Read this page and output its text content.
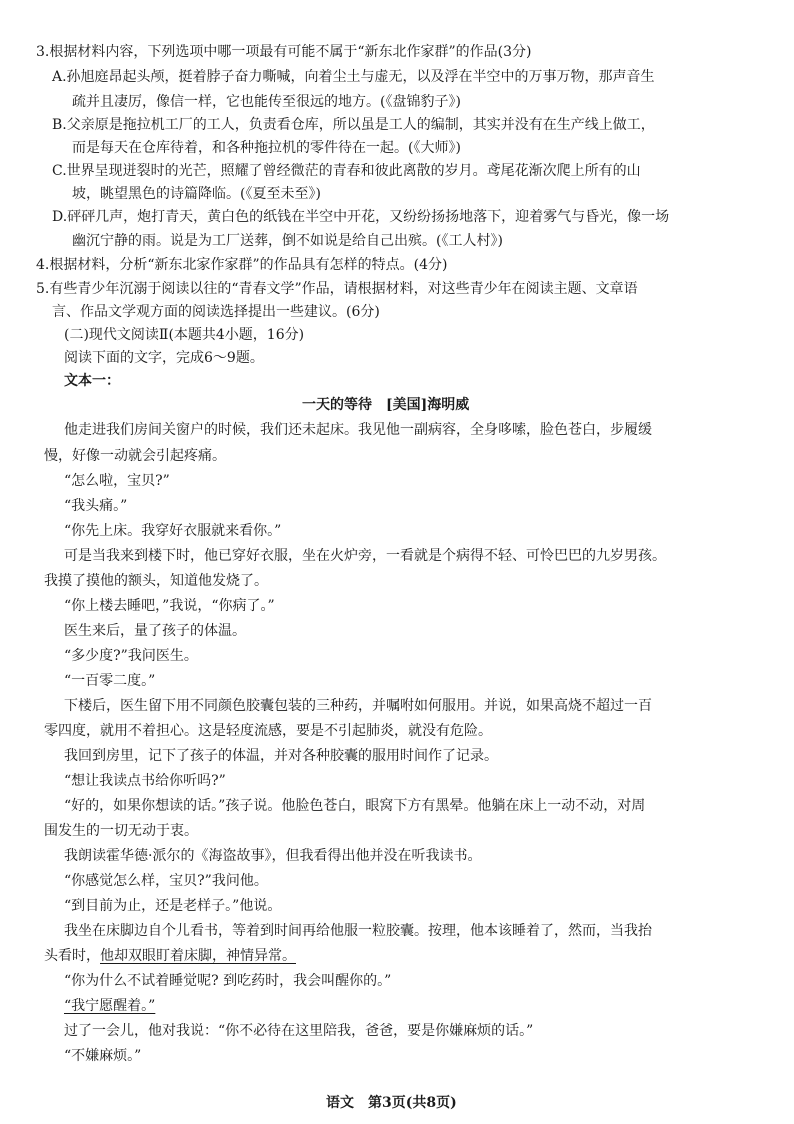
3.根据材料内容，下列选项中哪一项最有可能不属于“新东北作家群”的作品(3分)
A.孙旭庭昂起头颅，挺着脖子奋力嘶喊，向着尘土与虚无，以及浮在半空中的万事万物，那声音生
疏并且凄厉，像信一样，它也能传至很远的地方。(《盘锦豹子》)
B.父亲原是拖拉机工厂的工人，负责看仓库，所以虽是工人的编制，其实并没有在生产线上做工，
而是每天在仓库待着，和各种拖拉机的零件待在一起。(《大师》)
C.世界呈现迸裂时的光芒，照耀了曾经微茫的青春和彼此离散的岁月。鸢尾花渐次爬上所有的山
坡，眺望黑色的诗篇降临。(《夏至未至》)
D.砰砰几声，炮打青天，黄白色的纸钱在半空中开花，又纷纷扬扬地落下，迎着雾气与昏光，像一场
幽沉宁静的雨。说是为工厂送葬，倒不如说是给自己出殡。(《工人村》)
4.根据材料，分析“新东北家作家群”的作品具有怎样的特点。(4分)
5.有些青少年沉溺于阅读以往的“青春文学”作品，请根据材料，对这些青少年在阅读主题、文章语
言、作品文学观方面的阅读选择提出一些建议。(6分)
(二)现代文阅读Ⅱ(本题共4小题，16分)
阅读下面的文字，完成6～9题。
文本一：
一天的等待　[美国]海明威
他走进我们房间关窗户的时候，我们还未起床。我见他一副病容，全身哆嗦，脸色苍白，步履缓
慢，好像一动就会引起疼痛。
“怎么啦，宝贝?”
“我头痛。”
“你先上床。我穿好衣服就来看你。”
可是当我来到楼下时，他已穿好衣服，坐在火炉旁，一看就是个病得不轻、可怜巴巴的九岁男孩。
我摸了摸他的额头，知道他发烧了。
“你上楼去睡吧，”我说，“你病了。”
医生来后，量了孩子的体温。
“多少度?”我问医生。
“一百零二度。”
下楼后，医生留下用不同颜色胶囊包装的三种药，并嘱咐如何服用。并说，如果高烧不超过一百
零四度，就用不着担心。这是轻度流感，要是不引起肺炎，就没有危险。
我回到房里，记下了孩子的体温，并对各种胶囊的服用时间作了记录。
“想让我读点书给你听吗?”
“好的，如果你想读的话。”孩子说。他脸色苍白，眼窝下方有黑晕。他躺在床上一动不动，对周
围发生的一切无动于衷。
我朗读霍华德·派尔的《海盗故事》，但我看得出他并没在听我读书。
“你感觉怎么样，宝贝?”我问他。
“到目前为止，还是老样子。”他说。
我坐在床脚边自个儿看书，等着到时间再给他服一粒胶囊。按理，他本该睡着了，然而，当我抬
头看时，他却双眼盯着床脚，神情异常。
“你为什么不试着睡觉呢? 到吃药时，我会叫醒你的。”
“我宁愿醒着。”
过了一会儿，他对我说：“你不必待在这里陪我，爸爸，要是你嫌麻烦的话。”
“不嫌麻烦。”
语文　第3页(共8页)
